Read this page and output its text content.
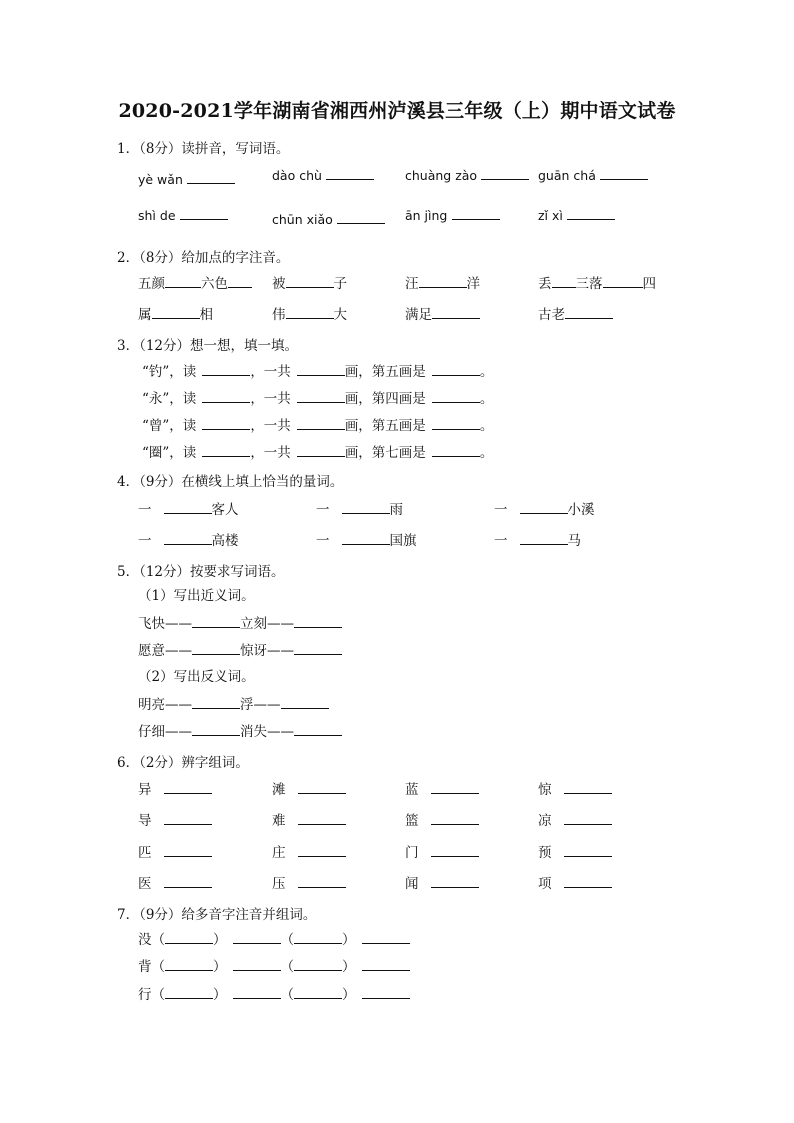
2020-2021学年湖南省湘西州泸溪县三年级（上）期中语文试卷
1．（8分）读拼音，写词语。
yè wǎn	dào chù	chuàng zào	guān chá
shì de	chūn xiǎo	ān jìng	zǐ xì
2．（8分）给加点的字注音。
五颜	六色	被	子	汪	洋	丢 三落	四
属	相	伟	大	满足	古老
3．（12分）想一想，填一填。
“钓”，读	，一共	画，第五画是	。
“永”，读	，一共	画，第四画是	。
“曾”，读	，一共	画，第五画是	。
“圈”，读	，一共	画，第七画是	。
4．（9分）在横线上填上恰当的量词。
一	客人	一	雨	一	小溪
一	高楼	一	国旗	一	马
5．（12分）按要求写词语。
（1）写出近义词。
飞快——	立刻——
愿意——	惊讶——
（2）写出反义词。
明亮——	浮——
仔细——	消失——
6．（2分）辨字组词。
异	滩	蓝	惊
导	难	篮	凉
匹	庄	门	预
医	压	闻	项
7．（9分）给多音字注音并组词。
没（	）	（	）
背（	）	（	）
行（	）	（	）
